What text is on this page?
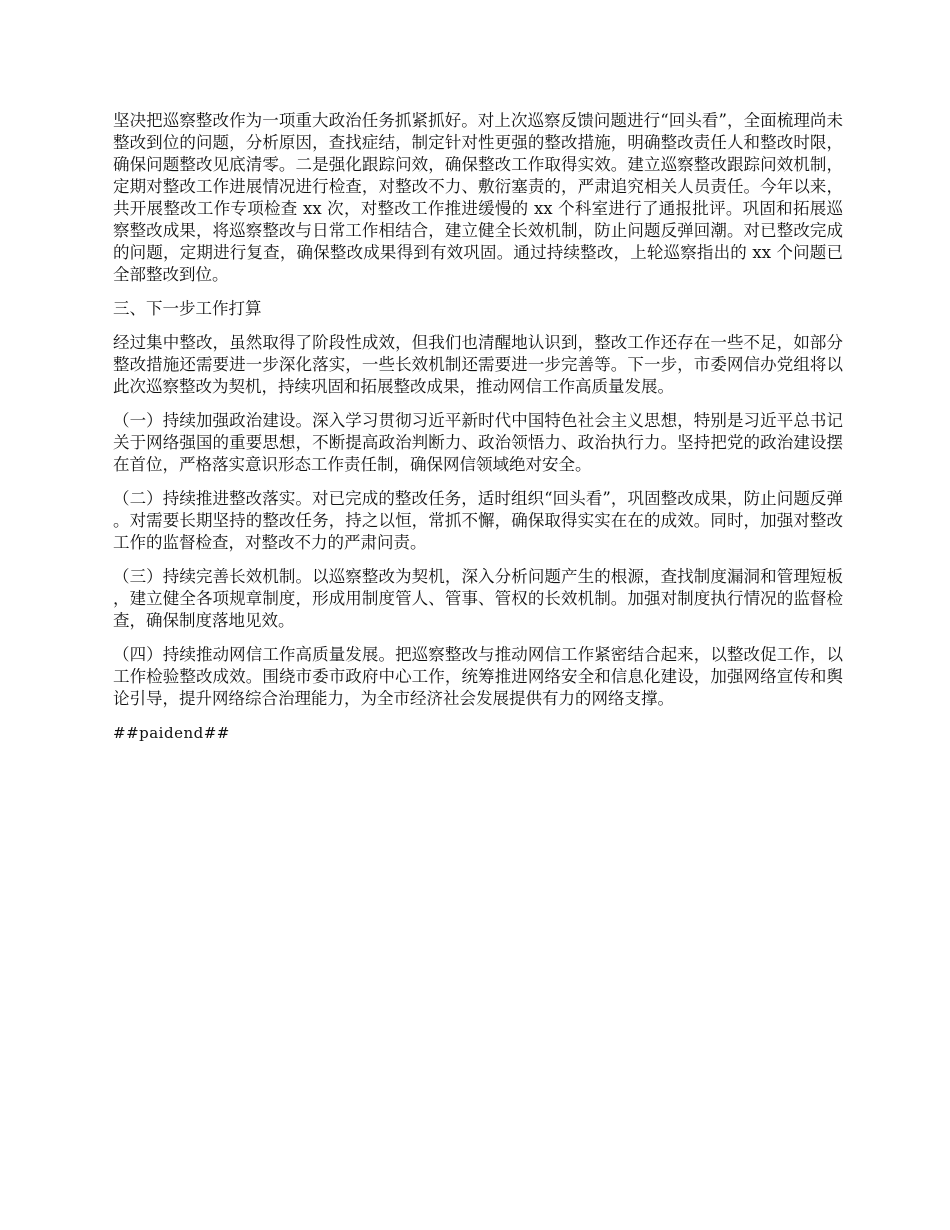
坚决把巡察整改作为一项重大政治任务抓紧抓好。对上次巡察反馈问题进行“回头看”，全面梳理尚未整改到位的问题，分析原因，查找症结，制定针对性更强的整改措施，明确整改责任人和整改时限，确保问题整改见底清零。二是强化跟踪问效，确保整改工作取得实效。建立巡察整改跟踪问效机制，定期对整改工作进展情况进行检查，对整改不力、敷衍塞责的，严肃追究相关人员责任。今年以来，共开展整改工作专项检查 xx 次，对整改工作推进缓慢的 xx 个科室进行了通报批评。巩固和拓展巡察整改成果，将巡察整改与日常工作相结合，建立健全长效机制，防止问题反弹回潮。对已整改完成的问题，定期进行复查，确保整改成果得到有效巩固。通过持续整改，上轮巡察指出的 xx 个问题已全部整改到位。

三、下一步工作打算

经过集中整改，虽然取得了阶段性成效，但我们也清醒地认识到，整改工作还存在一些不足，如部分整改措施还需要进一步深化落实，一些长效机制还需要进一步完善等。下一步，市委网信办党组将以此次巡察整改为契机，持续巩固和拓展整改成果，推动网信工作高质量发展。

（一）持续加强政治建设。深入学习贯彻习近平新时代中国特色社会主义思想，特别是习近平总书记关于网络强国的重要思想，不断提高政治判断力、政治领悟力、政治执行力。坚持把党的政治建设摆在首位，严格落实意识形态工作责任制，确保网信领域绝对安全。

（二）持续推进整改落实。对已完成的整改任务，适时组织“回头看”，巩固整改成果，防止问题反弹。对需要长期坚持的整改任务，持之以恒，常抓不懈，确保取得实实在在的成效。同时，加强对整改工作的监督检查，对整改不力的严肃问责。

（三）持续完善长效机制。以巡察整改为契机，深入分析问题产生的根源，查找制度漏洞和管理短板，建立健全各项规章制度，形成用制度管人、管事、管权的长效机制。加强对制度执行情况的监督检查，确保制度落地见效。

（四）持续推动网信工作高质量发展。把巡察整改与推动网信工作紧密结合起来，以整改促工作，以工作检验整改成效。围绕市委市政府中心工作，统筹推进网络安全和信息化建设，加强网络宣传和舆论引导，提升网络综合治理能力，为全市经济社会发展提供有力的网络支撑。

##paidend##
